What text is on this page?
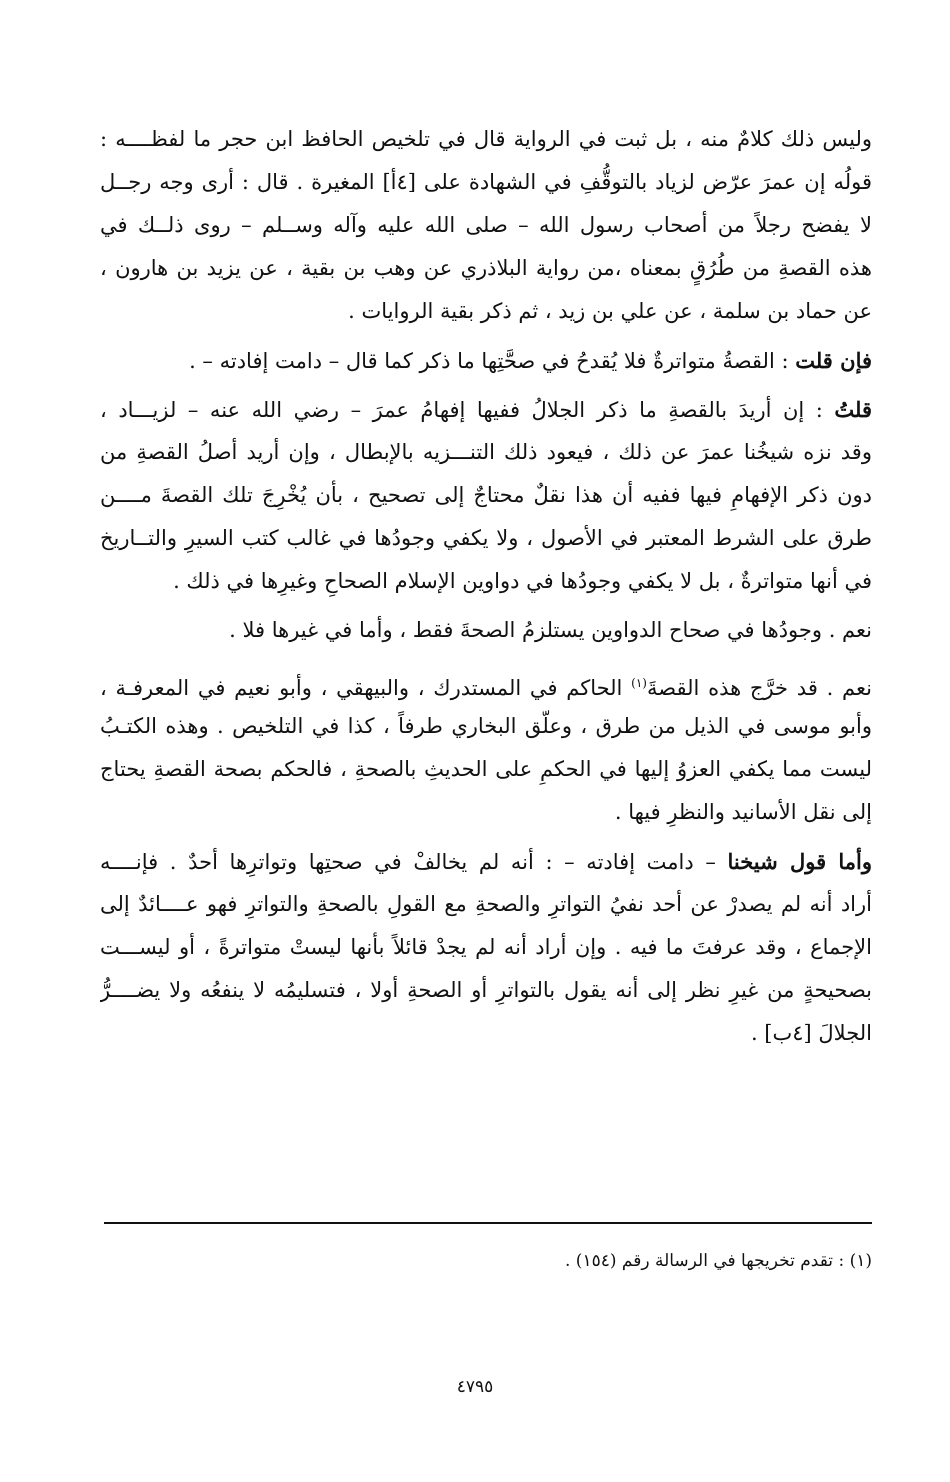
وليس ذلك كلامٌ منه ، بل ثبت في الرواية قال في تلخيص الحافظ ابن حجر ما لفظــــه :
قولُه إن عمرَ عرّض لزياد بالتوقُّفِ في الشهادة على [٤أ] المغيرة . قال : أرى وجه رجــل
لا يفضح رجلاً من أصحاب رسول الله – صلى الله عليه وآله وســلم – روى ذلــك في
هذه القصةِ من طُرُقٍ بمعناه ،من رواية البلاذري عن وهب بن بقية ، عن يزيد بن هارون ،
عن حماد بن سلمة ، عن علي بن زيد ، ثم ذكر بقية الروايات .
فإن قلت : القصةُ متواترةٌ فلا يُقدحُ في صحَّتِها ما ذكر كما قال – دامت إفادته – .
قلتُ : إن أريدَ بالقصةِ ما ذكر الجلالُ ففيها إفهامُ عمرَ – رضي الله عنه – لزيـــاد ،
وقد نزه شيخُنا عمرَ عن ذلك ، فيعود ذلك التنـــزيه بالإبطال ، وإن أريد أصلُ القصةِ من
دون ذكر الإفهامِ فيها ففيه أن هذا نقلٌ محتاجٌ إلى تصحيح ، بأن يُخْرِجَ تلك القصةَ مــــن
طرق على الشرط المعتبر في الأصول ، ولا يكفي وجودُها في غالب كتب السيرِ والتــاريخ
في أنها متواترةٌ ، بل لا يكفي وجودُها في دواوين الإسلام الصحاحِ وغيرِها في ذلك .
نعم . وجودُها في صحاح الدواوين يستلزمُ الصحةَ فقط ، وأما في غيرها فلا .
نعم . قد خرَّج هذه القصةَ$^{(١)}$ الحاكم في المستدرك ، والبيهقي ، وأبو نعيم في المعرفـة ،
وأبو موسى في الذيل من طرق ، وعلّق البخاري طرفاً ، كذا في التلخيص . وهذه الكتـبُ
ليست مما يكفي العزوُ إليها في الحكمِ على الحديثِ بالصحةِ ، فالحكم بصحة القصةِ يحتاج
إلى نقل الأسانيد والنظرِ فيها .
وأما قول شيخنا – دامت إفادته – : أنه لم يخالفْ في صحتِها وتواترِها أحدٌ . فإنــــه
أراد أنه لم يصدرْ عن أحد نفيُ التواترِ والصحةِ مع القولِ بالصحةِ والتواترِ فهو عــــائدٌ إلى
الإجماع ، وقد عرفتَ ما فيه . وإن أراد أنه لم يجدْ قائلاً بأنها ليستْ متواترةً ، أو ليســـت
بصحيحةٍ من غيرِ نظر إلى أنه يقول بالتواترِ أو الصحةِ أولا ، فتسليمُه لا ينفعُه ولا يضــــرُّ
الجلالَ [٤ب] .
(١) : تقدم تخريجها في الرسالة رقم (١٥٤) .
٤٧٩٥
